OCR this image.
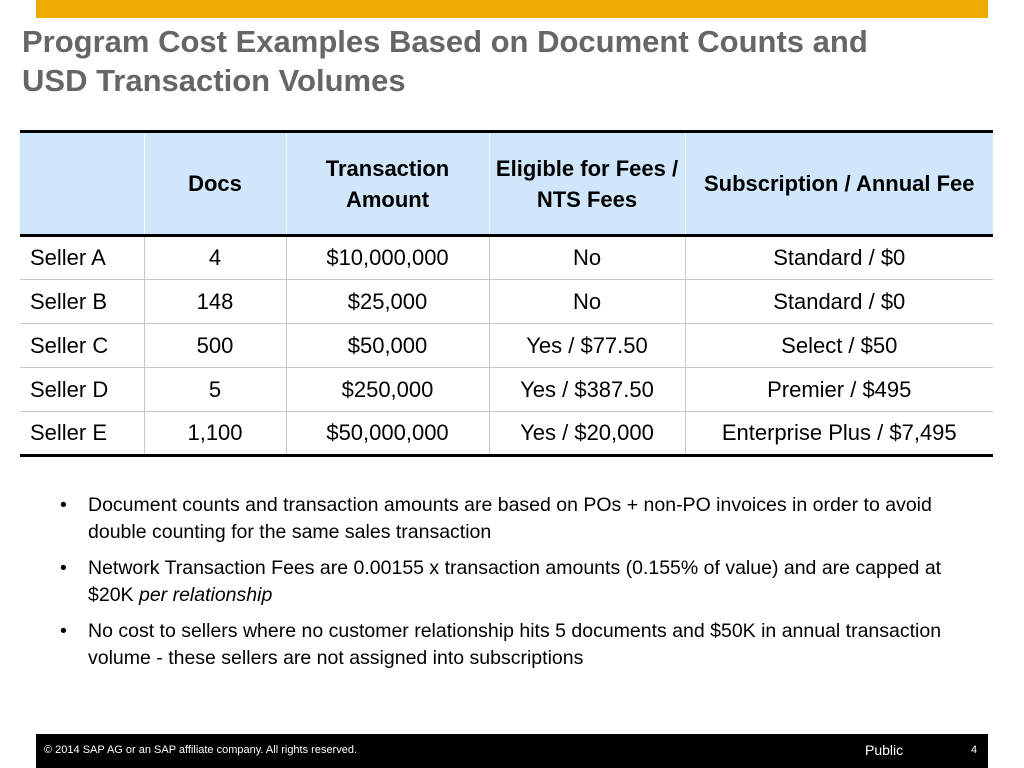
Program Cost Examples Based on Document Counts and
USD Transaction Volumes
	Docs	Transaction Amount	Eligible for Fees / NTS Fees	Subscription / Annual Fee
Seller A	4	$10,000,000	No	Standard / $0
Seller B	148	$25,000	No	Standard / $0
Seller C	500	$50,000	Yes / $77.50	Select / $50
Seller D	5	$250,000	Yes / $387.50	Premier / $495
Seller E	1,100	$50,000,000	Yes / $20,000	Enterprise Plus / $7,495
• Document counts and transaction amounts are based on POs + non-PO invoices in order to avoid double counting for the same sales transaction
• Network Transaction Fees are 0.00155 x transaction amounts (0.155% of value) and are capped at $20K per relationship
• No cost to sellers where no customer relationship hits 5 documents and $50K in annual transaction volume - these sellers are not assigned into subscriptions
© 2014 SAP AG or an SAP affiliate company. All rights reserved.	Public	4
